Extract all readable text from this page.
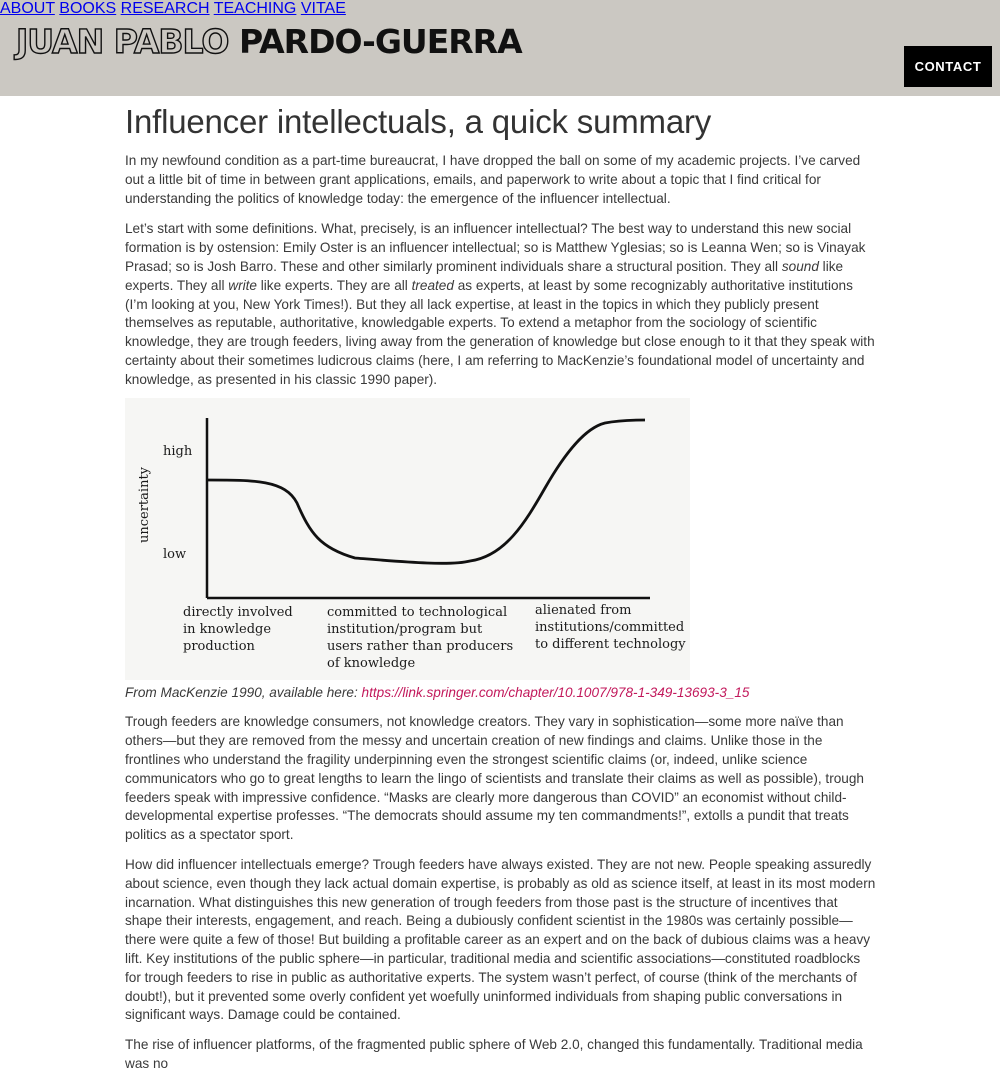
JUAN PABLO PARDO-GUERRA
ABOUT BOOKS RESEARCH TEACHING VITAE
CONTACT
Influencer intellectuals, a quick summary

In my newfound condition as a part-time bureaucrat, I have dropped the ball on some of my academic projects. I’ve carved out a little bit of time in between grant applications, emails, and paperwork to write about a topic that I find critical for understanding the politics of knowledge today: the emergence of the influencer intellectual.

Let’s start with some definitions. What, precisely, is an influencer intellectual? The best way to understand this new social formation is by ostension: Emily Oster is an influencer intellectual; so is Matthew Yglesias; so is Leanna Wen; so is Vinayak Prasad; so is Josh Barro. These and other similarly prominent individuals share a structural position. They all sound like experts. They all write like experts. They are all treated as experts, at least by some recognizably authoritative institutions (I’m looking at you, New York Times!). But they all lack expertise, at least in the topics in which they publicly present themselves as reputable, authoritative, knowledgable experts. To extend a metaphor from the sociology of scientific knowledge, they are trough feeders, living away from the generation of knowledge but close enough to it that they speak with certainty about their sometimes ludicrous claims (here, I am referring to MacKenzie’s foundational model of uncertainty and knowledge, as presented in his classic 1990 paper).

uncertainty
high
low
directly involved
in knowledge
production
committed to technological
institution/program but
users rather than producers
of knowledge
alienated from
institutions/committed
to different technology

From MacKenzie 1990, available here: https://link.springer.com/chapter/10.1007/978-1-349-13693-3_15

Trough feeders are knowledge consumers, not knowledge creators. They vary in sophistication—some more naïve than others—but they are removed from the messy and uncertain creation of new findings and claims. Unlike those in the frontlines who understand the fragility underpinning even the strongest scientific claims (or, indeed, unlike science communicators who go to great lengths to learn the lingo of scientists and translate their claims as well as possible), trough feeders speak with impressive confidence. “Masks are clearly more dangerous than COVID” an economist without child-developmental expertise professes. “The democrats should assume my ten commandments!”, extolls a pundit that treats politics as a spectator sport.

How did influencer intellectuals emerge? Trough feeders have always existed. They are not new. People speaking assuredly about science, even though they lack actual domain expertise, is probably as old as science itself, at least in its most modern incarnation. What distinguishes this new generation of trough feeders from those past is the structure of incentives that shape their interests, engagement, and reach. Being a dubiously confident scientist in the 1980s was certainly possible—there were quite a few of those! But building a profitable career as an expert and on the back of dubious claims was a heavy lift. Key institutions of the public sphere—in particular, traditional media and scientific associations—constituted roadblocks for trough feeders to rise in public as authoritative experts. The system wasn’t perfect, of course (think of the merchants of doubt!), but it prevented some overly confident yet woefully uninformed individuals from shaping public conversations in significant ways. Damage could be contained.

The rise of influencer platforms, of the fragmented public sphere of Web 2.0, changed this fundamentally. Traditional media was no
